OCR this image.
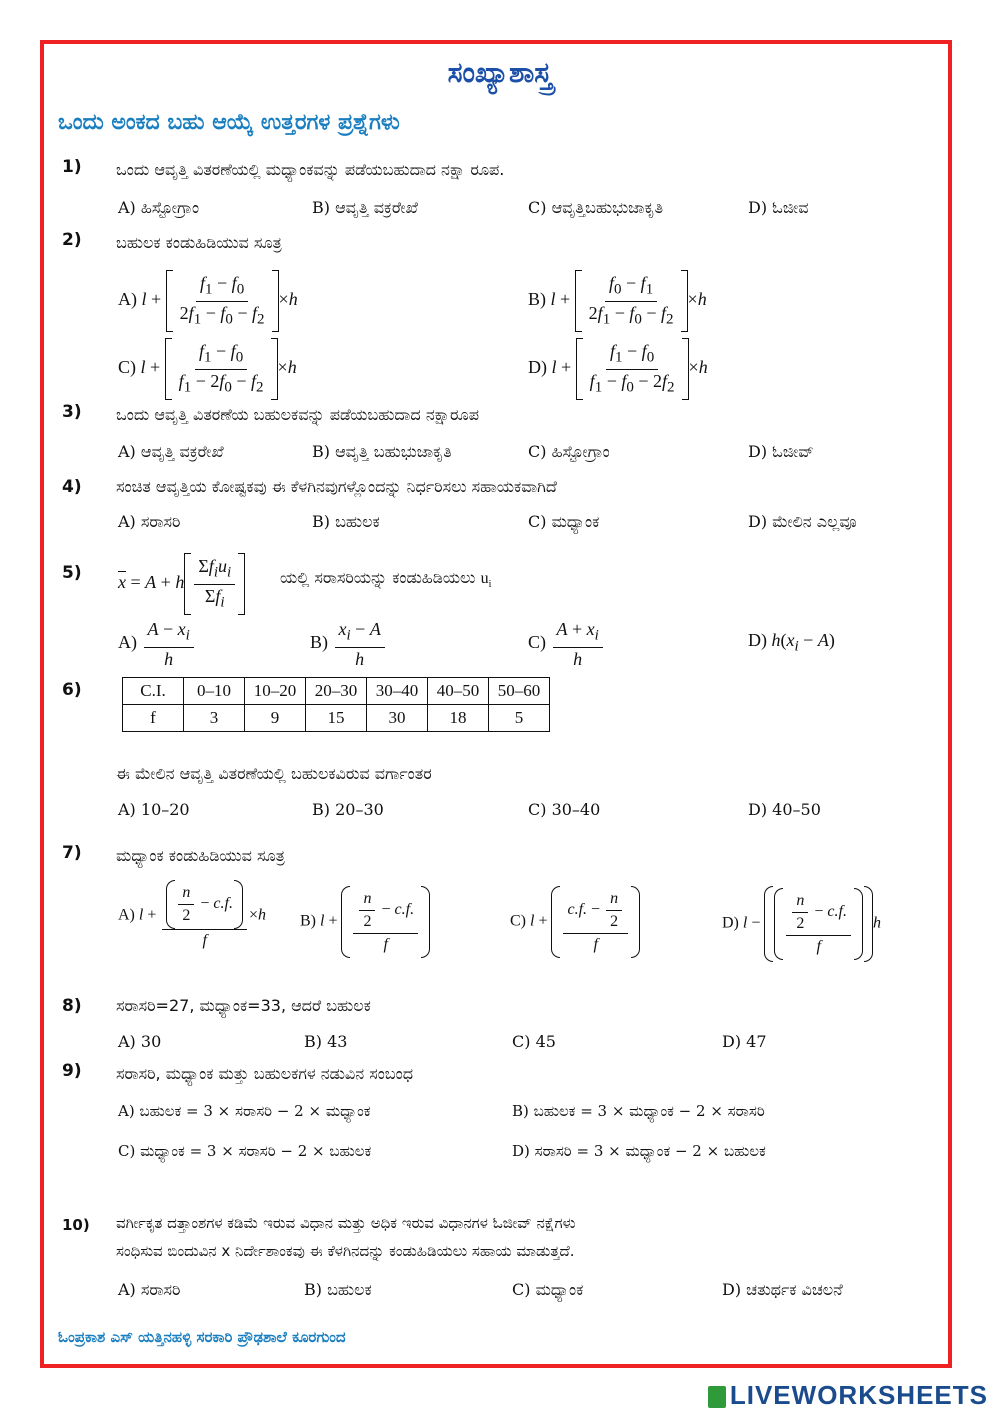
ಸಂಖ್ಯಾಶಾಸ್ತ್ರ
ಒಂದು ಅಂಕದ ಬಹು ಆಯ್ಕೆ ಉತ್ತರಗಳ ಪ್ರಶ್ನೆಗಳು
1) ಒಂದು ಆವೃತ್ತಿ ವಿತರಣೆಯಲ್ಲಿ ಮಧ್ಯಾಂಕವನ್ನು ಪಡೆಯಬಹುದಾದ ನಕ್ಷಾ ರೂಪ.
A) ಹಿಸ್ಟೋಗ್ರಾಂ	B) ಆವೃತ್ತಿ ವಕ್ರರೇಖೆ	C) ಆವೃತ್ತಿಬಹುಭುಜಾಕೃತಿ	D) ಓಜೀವ
2) ಬಹುಲಕ ಕಂಡುಹಿಡಿಯುವ ಸೂತ್ರ
A) $l + \frac{f_1 - f_0}{2f_1 - f_0 - f_2} \times h$	B) $l + \frac{f_0 - f_1}{2f_1 - f_0 - f_2} \times h$
C) $l + \frac{f_1 - f_0}{f_1 - 2f_0 - f_2} \times h$	D) $l + \frac{f_1 - f_0}{f_1 - f_0 - 2f_2} \times h$
3) ಒಂದು ಆವೃತ್ತಿ ವಿತರಣೆಯ ಬಹುಲಕವನ್ನು ಪಡೆಯಬಹುದಾದ ನಕ್ಷಾರೂಪ
A) ಆವೃತ್ತಿ ವಕ್ರರೇಖೆ	B) ಆವೃತ್ತಿ ಬಹುಭುಜಾಕೃತಿ	C) ಹಿಸ್ಟೋಗ್ರಾಂ	D) ಓಜೀವ್
4) ಸಂಚಿತ ಆವೃತ್ತಿಯ ಕೋಷ್ಟಕವು ಈ ಕೆಳಗಿನವುಗಳ್ಲೊಂದನ್ನು ನಿರ್ಧರಿಸಲು ಸಹಾಯಕವಾಗಿದೆ
A) ಸರಾಸರಿ	B) ಬಹುಲಕ	C) ಮಧ್ಯಾಂಕ	D) ಮೇಲಿನ ಎಲ್ಲವೂ
5) $\overline{x} = A + h \frac{\Sigma f_iu_i}{\Sigma f_i}$	ಯಲ್ಲಿ ಸರಾಸರಿಯನ್ನು ಕಂಡುಹಿಡಿಯಲು $u_i$
$A) \frac{A - x_i}{h}$	$B) \frac{x_i - A}{h}$	$C) \frac{A + x_i}{h}$	D) $h(x_i - A)$
6)	C.I.	0–10	10–20	20–30	30–40	40–50	50–60
f	3	9	15	30	18	5
ಈ ಮೇಲಿನ ಆವೃತ್ತಿ ವಿತರಣೆಯಲ್ಲಿ ಬಹುಲಕವಿರುವ ವರ್ಗಾಂತರ
A) 10–20	B) 20–30	C) 30–40	D) 40–50
7) ಮಧ್ಯಾಂಕ ಕಂಡುಹಿಡಿಯುವ ಸೂತ್ರ
A) $l + \frac{\frac{n}{2} - c.f.}{f} \times h$ B) $l + \frac{\frac{n}{2} - c.f.}{f}$	C) $l + \frac{c.f. - \frac{n}{2}}{f}$	D) $l - \frac{\frac{n}{2} - c.f.}{f}$ h
8) ಸರಾಸರಿ=27, ಮಧ್ಯಾಂಕ=33, ಆದರೆ ಬಹುಲಕ
A) 30	B) 43	C) 45	D) 47
9) ಸರಾಸರಿ, ಮಧ್ಯಾಂಕ ಮತ್ತು ಬಹುಲಕಗಳ ನಡುವಿನ ಸಂಬಂಧ
A) ಬಹುಲಕ = 3 × ಸರಾಸರಿ − 2 × ಮಧ್ಯಾಂಕ	B) ಬಹುಲಕ = 3 × ಮಧ್ಯಾಂಕ − 2 × ಸರಾಸರಿ
C) ಮಧ್ಯಾಂಕ = 3 × ಸರಾಸರಿ − 2 × ಬಹುಲಕ	D) ಸರಾಸರಿ = 3 × ಮಧ್ಯಾಂಕ − 2 × ಬಹುಲಕ
10) ವರ್ಗೀಕೃತ ದತ್ತಾಂಶಗಳ ಕಡಿಮೆ ಇರುವ ವಿಧಾನ ಮತ್ತು ಅಧಿಕ ಇರುವ ವಿಧಾನಗಳ ಓಜೀವ್ ನಕ್ಷೆಗಳು
ಸಂಧಿಸುವ ಬಿಂದುವಿನ x ನಿರ್ದೇಶಾಂಕವು ಈ ಕೆಳಗಿನದನ್ನು ಕಂಡುಹಿಡಿಯಲು ಸಹಾಯ ಮಾಡುತ್ತದೆ.
A) ಸರಾಸರಿ	B) ಬಹುಲಕ	C) ಮಧ್ಯಾಂಕ	D) ಚತುರ್ಥಕ ವಿಚಲನೆ
ಓಂಪ್ರಕಾಶ ಎಸ್ ಯತ್ತಿನಹಳ್ಳಿ ಸರಕಾರಿ ಪ್ರೌಢಶಾಲೆ ಕೂರಗುಂದ
LIVEWORKSHEETS
